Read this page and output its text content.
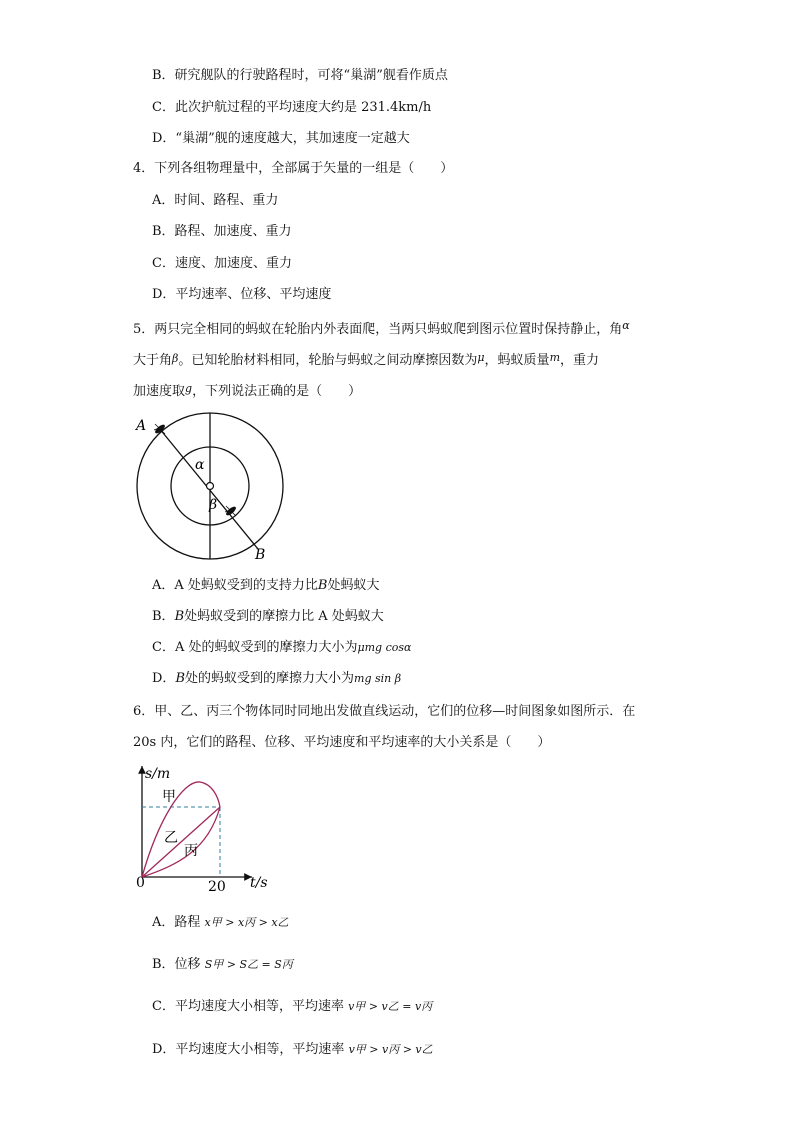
B．研究舰队的行驶路程时，可将“巢湖”舰看作质点
C．此次护航过程的平均速度大约是 231.4km/h
D．“巢湖”舰的速度越大，其加速度一定越大
4．下列各组物理量中，全部属于矢量的一组是（　　）
A．时间、路程、重力
B．路程、加速度、重力
C．速度、加速度、重力
D．平均速率、位移、平均速度
5．两只完全相同的蚂蚁在轮胎内外表面爬，当两只蚂蚁爬到图示位置时保持静止，角$^\alpha$
大于角β。已知轮胎材料相同，轮胎与蚂蚁之间动摩擦因数为$^\mu$，蚂蚁质量$^m$，重力
加速度取$^g$，下列说法正确的是（　　）
A
B
α
β
A．A 处蚂蚁受到的支持力比B处蚂蚁大
B．B处蚂蚁受到的摩擦力比 A 处蚂蚁大
C．A 处的蚂蚁受到的摩擦力大小为μmg cosα
D．B处的蚂蚁受到的摩擦力大小为mg sin β
6．甲、乙、丙三个物体同时同地出发做直线运动，它们的位移—时间图象如图所示．在
20s 内，它们的路程、位移、平均速度和平均速率的大小关系是（　　）
s/m
t/s
0	20
甲
乙
丙
A．路程 x甲 > x丙 > x乙
B．位移 S甲 > S乙 = S丙
C．平均速度大小相等，平均速率 v甲 > v乙 = v丙
D．平均速度大小相等，平均速率 v甲 > v丙 > v乙
